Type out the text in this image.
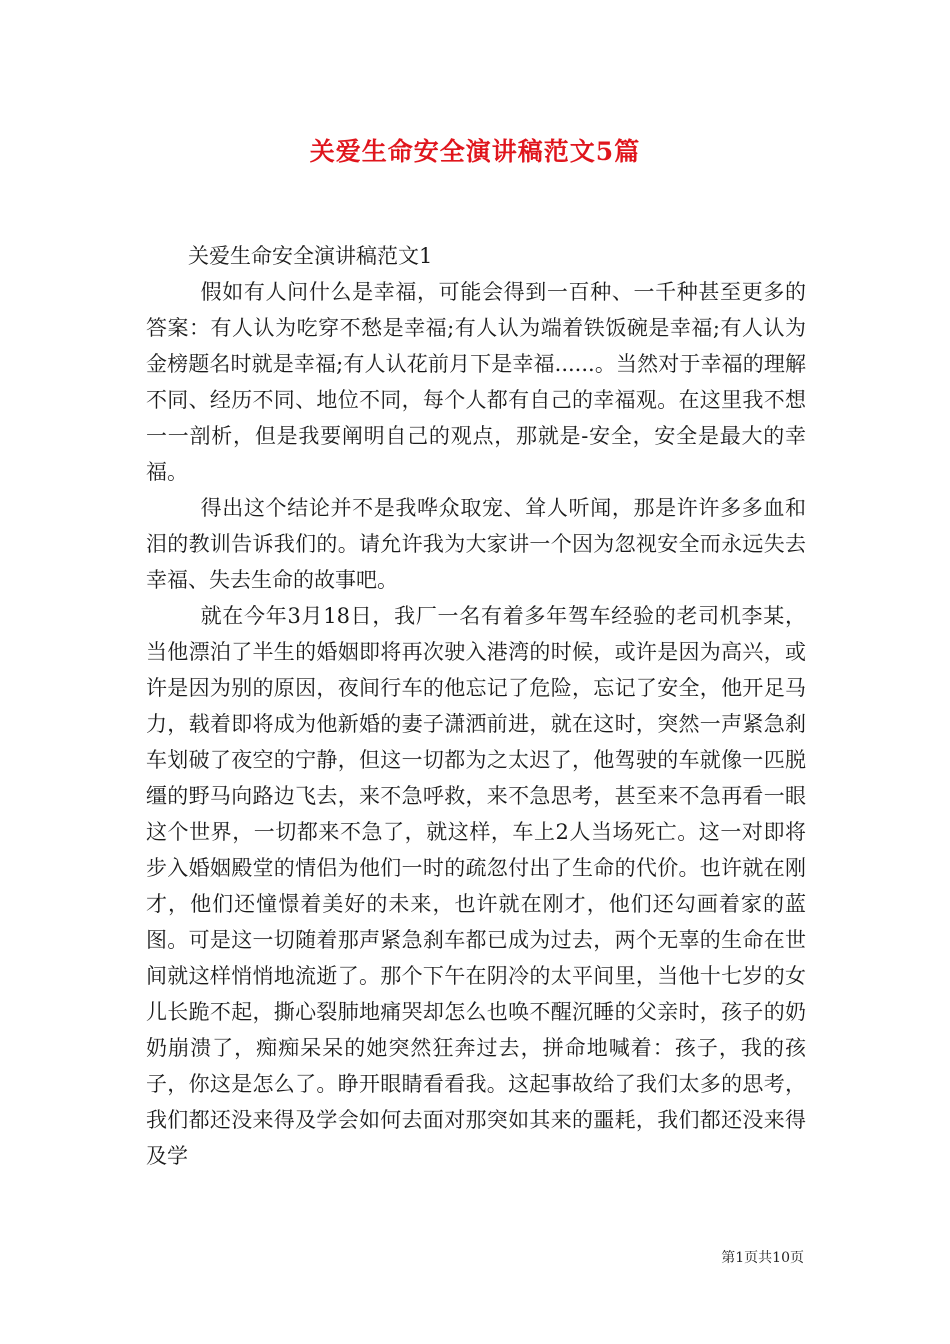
关爱生命安全演讲稿范文5篇

关爱生命安全演讲稿范文1

假如有人问什么是幸福，可能会得到一百种、一千种甚至更多的答案：有人认为吃穿不愁是幸福;有人认为端着铁饭碗是幸福;有人认为金榜题名时就是幸福;有人认花前月下是幸福......。当然对于幸福的理解不同、经历不同、地位不同，每个人都有自己的幸福观。在这里我不想一一剖析，但是我要阐明自己的观点，那就是-安全，安全是最大的幸福。

得出这个结论并不是我哗众取宠、耸人听闻，那是许许多多血和泪的教训告诉我们的。请允许我为大家讲一个因为忽视安全而永远失去幸福、失去生命的故事吧。

就在今年3月18日，我厂一名有着多年驾车经验的老司机李某，当他漂泊了半生的婚姻即将再次驶入港湾的时候，或许是因为高兴，或许是因为别的原因，夜间行车的他忘记了危险，忘记了安全，他开足马力，载着即将成为他新婚的妻子潇洒前进，就在这时，突然一声紧急刹车划破了夜空的宁静，但这一切都为之太迟了，他驾驶的车就像一匹脱缰的野马向路边飞去，来不急呼救，来不急思考，甚至来不急再看一眼这个世界，一切都来不急了，就这样，车上2人当场死亡。这一对即将步入婚姻殿堂的情侣为他们一时的疏忽付出了生命的代价。也许就在刚才，他们还憧憬着美好的未来，也许就在刚才，他们还勾画着家的蓝图。可是这一切随着那声紧急刹车都已成为过去，两个无辜的生命在世间就这样悄悄地流逝了。那个下午在阴冷的太平间里，当他十七岁的女儿长跪不起，撕心裂肺地痛哭却怎么也唤不醒沉睡的父亲时，孩子的奶奶崩溃了，痴痴呆呆的她突然狂奔过去，拼命地喊着：孩子，我的孩子，你这是怎么了。睁开眼睛看看我。这起事故给了我们太多的思考，我们都还没来得及学会如何去面对那突如其来的噩耗，我们都还没来得及学

第1页共10页
